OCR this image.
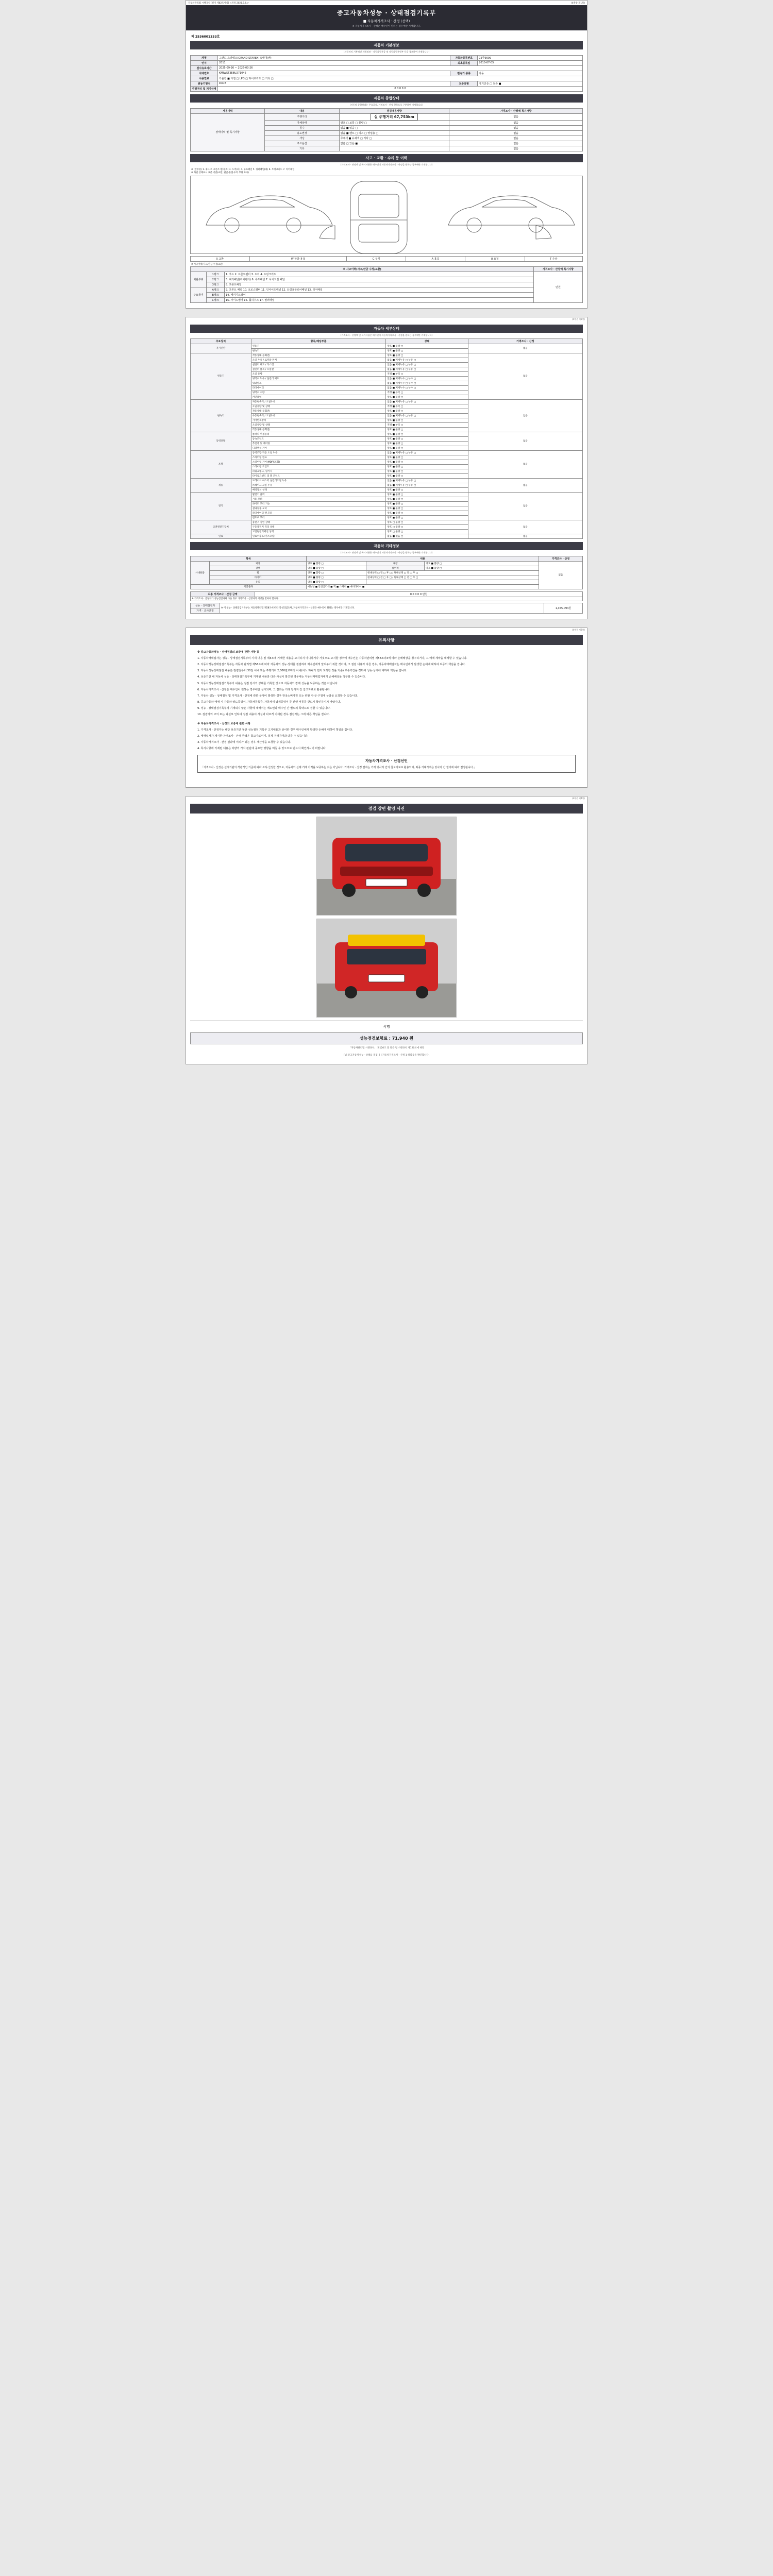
자동차관리법 시행규칙 [별지 제82호서식] <개정 2021.7.6.>	(4쪽중 제1쪽)
중고자동차성능 · 상태점검기록부
■ 자동차가격조사 · 산정 (선택)
※ 자동차가격조사 · 산정은 매수인이 원하는 경우에만 기재합니다.
제 2536001333호
자동차 기본정보
(자동차의 기본적인 제원정보 - 자동차등록증 및 자동차등록원부 등을 참조하여 기재합니다)
차명	그랜드 스타렉스(GRAND STAREX)-5세대(밴)	자동차등록번호	72루9009
연식	2011	최초등록일	2010-07-05
검사유효기간	2025-09-26 ~ 2026-03-26		
차대번호	KMJWST3EBU271045	변속기 종류	자동
사용연료	가솔린 ■ 디젤 □ LPG □ 하이브리드 □ 기타 □		
원동기형식	D4CB	보증유형	자기인증 □ 보증 ■
주행거리 및 계기상태	0 0 0 0 0		
자동차 종합상태
(자동차 종합상태는 주요골격, 가격조사 · 산정 항목으로 구분하여 기재합니다)
사용이력	내용	점검내용사항	가격조사 · 산정액 특기사항
상태이력 및 특기사항	주행거리	실 주행거리 67,753km	없음
	자체상태	양호 □ 보통 □ 불량 □	없음
	침수	없음 ■ 있음 □	없음
	용도변경	없음 ■ 렌트 □ 리스 □ 영업용 □	없음
	색상	무채색 ■ 유채색 □ 기타 □	없음
	주요옵션	없음 □ 있음 ■	없음
	기타		없음
사고 · 교환 · 수리 등 이력
(가격조사 · 산정액 및 특기사항은 매수인이 자동차가격조사 · 산정을 원하는 경우에만 기재합니다)
※ (앞부분) 1. 후드 2. 프론트 휀더(좌) 3. 도어(좌) 4. 루프패널 5. 쿼터패널(좌) 6. 트렁크리드 7. 리어패널
※ 하단 상태표시 표준 기준(교환, 판금·용접·수리 부위 표시)
X 교환	W 판금·용접	C 부식	A 흠집	U 요철	T 손상
※ 사고이력(사고/판금 수정/교환)
※ 사고이력(사고/판금 수정/교환)			가격조사 · 산정액 특기사항
외판부위	1랭크	1. 후드 2. 프론트펜더 3. 도어 4. 트렁크리드	만원
	2랭크	5. 쿼터패널(리어펜더) 6. 루프패널 7. 사이드실 패널	
	3랭크	8. 프론트패널	
주요골격	A랭크	9. 프론트 패널 10. 크로스멤버 11. 인사이드패널 12. 트렁크플로어패널 13. 리어패널	
	B랭크	14. 패키지트레이	
	C랭크	15. 사이드멤버 16. 휠하우스 17. 필러패널	
(4쪽중 제2쪽)
자동차 세부상태
(가격조사 · 산정액 및 특기사항은 매수인이 자동차가격조사 · 산정을 원하는 경우에만 기재합니다)
주요장치	항목/해당부품	상태	가격조사 · 산정
자기진단	원동기	양호 ■ 불량 □	없음
	변속기	양호 ■ 불량 □	
원동기	작동상태(공회전)	양호 ■ 불량 □	없음
	오일 누유 / 로커암 커버	없음 ■ 미세누유 □ 누유 □	
	실린더 헤드 / 가스켓	없음 ■ 미세누유 □ 누유 □	
	실린더 블록 / 오일팬	없음 ■ 미세누유 □ 누유 □	
	오일 유량	적정 ■ 부족 □	
	냉각수 누수 / 실린더 헤드	없음 ■ 미세누수 □ 누수 □	
	워터펌프	없음 ■ 미세누수 □ 누수 □	
	라디에이터	없음 ■ 미세누수 □ 누수 □	
	냉각수 수량	적정 ■ 부족 □	
	커먼레일	양호 ■ 불량 □	
변속기	자동변속기 / 오일누유	없음 ■ 미세누유 □ 누유 □	없음
	오일유량 및 상태	적정 ■ 부족 □	
	작동상태(공회전)	양호 ■ 불량 □	
	수동변속기 / 오일누유	없음 ■ 미세누유 □ 누유 □	
	기어변속장치	양호 ■ 불량 □	
	오일유량 및 상태	적정 ■ 부족 □	
	작동상태(공회전)	양호 ■ 불량 □	
동력전달	클러치 어셈블리	양호 ■ 불량 □	없음
	등속조인트	양호 ■ 불량 □	
	추진축 및 베어링	양호 ■ 불량 □	
	디퍼렌셜 기어	양호 ■ 불량 □	
조향	동력조향 작동 오일 누유	없음 ■ 미세누유 □ 누유 □	없음
	스티어링 펌프	양호 ■ 불량 □	
	스티어링 기어(MDPS포함)	양호 ■ 불량 □	
	스티어링 조인트	양호 ■ 불량 □	
	파워크랭크, 링키지	양호 ■ 불량 □	
	타이로드엔드 및 볼 조인트	양호 ■ 불량 □	
제동	브레이크 마스터 실린더오일 누유	없음 ■ 미세누유 □ 누유 □	없음
	브레이크 오일 누유	없음 ■ 미세누유 □ 누유 □	
	배력장치 상태	양호 ■ 불량 □	
전기	발전기 출력	양호 ■ 불량 □	없음
	시동 모터	양호 ■ 불량 □	
	와이퍼 모터 기능	양호 ■ 불량 □	
	실내송풍 모터	양호 ■ 불량 □	
	라디에이터 팬 모터	양호 ■ 불량 □	
	윈도우 모터	양호 ■ 불량 □	
고전원전기장치	충전구 절연 상태	양호 □ 불량 □	없음
	구동축전지 격리 상태	양호 □ 불량 □	
	고전원전기배선 상태	양호 □ 불량 □	
연료	연료누출(LP가스포함)	없음 ■ 있음 □	없음
자동차 기타정보
(가격조사 · 산정액 및 특기사항은 매수인이 자동차가격조사 · 산정을 원하는 경우에만 기재합니다)
항목		내용			가격조사 · 산정
사내용품	외장	양호 ■ 불량 □	내장	양호 ■ 불량 □	없음
	광택	양호 ■ 불량 □	룸미러	양호 ■ 불량 □	
	휠	양호 ■ 불량 □	원내상태 □ 전 □ 후 □ / 원내상태 □ 전 □ 후 □		
	타이어	양호 ■ 불량 □	원내상태 □ 전 □ 후 □ / 원내상태 □ 전 □ 후 □		
	유리	양호 ■ 불량 □			
기본품목		매뉴얼 ■ 안전삼각대 ■ 잭 ■ 스패너 ■ 예비타이어 ■			
최종 가격조사 · 산정 금액	0 0 0 0 0 만원
※ 가격조사 · 산정자가 성능점검자와 다른 경우 가격조사 · 산정자의 서명을 받아야 합니다.
성능 · 상태점검자	※ 이 성능 · 상태점검기록부는 자동차관리법 제58조에 따라 작성되었으며, 자동차가격조사 · 산정은 매수인이 원하는 경우에만 기재합니다.	1,455,094원
가격 · 조사산정
(4쪽중 제3쪽)
유의사항

※ 중고자동차성능 · 상태점검의 보증에 관한 사항 등

1. 자동차매매업자는 성능 · 상태점검기록부의 기재 내용 및 제3조에 기재한 내용을 고지하지 아니하거나 거짓으로 고지할 경우에 매수인은 자동차관리법 제58조의4에 따라 손해배상을 청구하거나, 그 매매 계약을 해제할 수 있습니다.

2. 자동차성능상태점검기록부는 자동차 관리법 제58조에 따라 자동차의 성능·상태를 점검하여 매수인에게 알려주기 위한 것이며, 그 점검 내용과 다른 경우, 자동차매매업자는 매수인에게 발생한 손해에 대하여 보증의 책임을 집니다.

3. 자동차성능상태점검 내용은 점검일부터 30일 이내 또는 주행거리 2,000킬로미터 이내(어느 하나가 먼저 도래한 것을 기준) 보증기간을 정하여 성능·상태에 대하여 책임을 집니다.

4. 보증기간 내 자동차 성능 · 상태점검기록부에 기재된 내용과 다른 사실이 발견된 경우에는 자동차매매업자에게 손해배상을 청구할 수 있습니다.

5. 자동차성능상태점검기록부의 내용은 점검 당시의 상태를 기록한 것으로 자동차의 장래 성능을 보증하는 것은 아닙니다.

6. 자동차가격조사 · 산정은 매수인이 원하는 경우에만 실시되며, 그 결과는 거래 당사자 간 참고자료로 활용됩니다.

7. 자동차 성능 · 상태점검 및 가격조사 · 산정에 관한 분쟁이 발생한 경우 한국소비자원 또는 관할 시·군·구청에 상담을 요청할 수 있습니다.

8. 중고자동차 매매 시 자동차 양도증명서, 자동차등록증, 자동차세 납세증명서 등 관련 서류를 반드시 확인하시기 바랍니다.

9. 성능 · 상태점검기록부에 기재되지 않은 사항에 대해서는 매도인과 매수인 간 별도의 특약으로 정할 수 있습니다.

10. 점검자의 고의 또는 과실로 인하여 점검 내용이 사실과 다르게 기재된 경우 점검자는 그에 따른 책임을 집니다.

※ 자동차가격조사 · 산정의 보증에 관한 사항

1. 가격조사 · 산정자는 해당 보증기간 동안 성능점검 기록부 고지내용과 상이한 경우 매수인에게 발생한 손해에 대하여 책임을 집니다.

2. 매매업자가 제시한 가격조사 · 산정 금액은 참고자료이며, 실제 거래가격과 다를 수 있습니다.

3. 자동차가격조사 · 산정 결과에 이의가 있는 경우 재산정을 요청할 수 있습니다.

4. 특기사항에 기재된 내용은 차량의 가치 판단에 중요한 영향을 미칠 수 있으므로 반드시 확인하시기 바랍니다.

자동차가격조사 · 산정선언
「가격조사 · 산정은 실시기관의 객관적인 기준에 따라 조사·산정한 것으로, 자동차의 실제 거래 가격을 보증하는 것은 아닙니다. 가격조사 · 산정 결과는 거래 당사자 간의 참고자료로 활용되며, 최종 거래가격은 당사자 간 협의에 따라 결정됩니다.」
(4쪽중 제4쪽)
점검 장면 촬영 사진
서명
성능점검보험료 : 71,940 원
「자동차관리법 시행규칙」 제120조 및 같은 법 시행규칙 제120조에 따라
[Ⅴ] 중고자동차성능 · 상태를 점검, [ ] 자동차가격조사 · 산정 1 하였음을 확인합니다.
